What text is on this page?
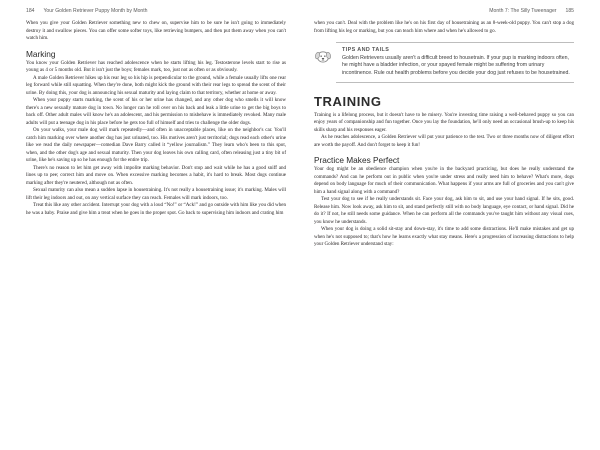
184 Your Golden Retriever Puppy Month by Month

When you give your Golden Retriever something new to chew on, supervise him to be sure he isn't going to immediately destroy it and swallow pieces. You can offer some softer toys, like retrieving bumpers, and then put them away when you can't watch him.

Marking

You know your Golden Retriever has reached adolescence when he starts lifting his leg. Testosterone levels start to rise as young as 4 or 5 months old. But it isn't just the boys; females mark, too, just not as often or as obviously.

A male Golden Retriever hikes up his rear leg so his hip is perpendicular to the ground, while a female usually lifts one rear leg forward while still squatting. When they're done, both might kick the ground with their rear legs to spread the scent of their urine. By doing this, your dog is announcing his sexual maturity and laying claim to that territory, whether at home or away.

When your puppy starts marking, the scent of his or her urine has changed, and any other dog who smells it will know there's a new sexually mature dog in town. No longer can he roll over on his back and leak a little urine to get the big boys to back off. Other adult males will know he's an adolescent, and his permission to misbehave is immediately revoked. Many male adults will put a teenage dog in his place before he gets too full of himself and tries to challenge the older dogs.

On your walks, your male dog will mark repeatedly—and often in unacceptable places, like on the neighbor's car. You'll catch him marking over where another dog has just urinated, too. His motives aren't just territorial; dogs read each other's urine like we read the daily newspaper—comedian Dave Barry called it “yellow journalism.” They learn who's been to this spot, when, and the other dog's age and sexual maturity. Then your dog leaves his own calling card, often releasing just a tiny bit of urine, like he's saving up so he has enough for the entire trip.

There's no reason to let him get away with impolite marking behavior. Don't stop and wait while he has a good sniff and lines up to pee; correct him and move on. When excessive marking becomes a habit, it's hard to break. Most dogs continue marking after they're neutered, although not as often.

Sexual maturity can also mean a sudden lapse in housetraining. It's not really a housetraining issue; it's marking. Males will lift their leg indoors and out, on any vertical surface they can reach. Females will mark indoors, too.

Treat this like any other accident. Interrupt your dog with a loud “No!” or “Ack!” and go outside with him like you did when he was a baby. Praise and give him a treat when he goes in the proper spot. Go back to supervising him indoors and crating him

Month 7: The Silly Tweenager 185

when you can't. Deal with the problem like he's on his first day of housetraining as an 8-week-old puppy. You can't stop a dog from lifting his leg or marking, but you can teach him where and when he's allowed to go.

TIPS AND TAILS
Golden Retrievers usually aren't a difficult breed to housetrain. If your pup is marking indoors often, he might have a bladder infection, or your spayed female might be suffering from urinary incontinence. Rule out health problems before you decide your dog just refuses to be housetrained.
TRAINING

Training is a lifelong process, but it doesn't have to be misery. You're investing time raising a well-behaved puppy so you can enjoy years of companionship and fun together. Once you lay the foundation, he'll only need an occasional brush-up to keep his skills sharp and his responses eager.

As he reaches adolescence, a Golden Retriever will put your patience to the test. Two or three months now of diligent effort are worth the payoff. And don't forget to keep it fun!

Practice Makes Perfect

Your dog might be an obedience champion when you're in the backyard practicing, but does he really understand the commands? And can he perform out in public when you're under stress and really need him to behave? What's more, dogs depend on body language for much of their communication. What happens if your arms are full of groceries and you can't give him a hand signal along with a command?

Test your dog to see if he really understands sit. Face your dog, ask him to sit, and use your hand signal. If he sits, good. Release him. Now look away, ask him to sit, and stand perfectly still with no body language, eye contact, or hand signal. Did he do it? If not, he still needs some guidance. When he can perform all the commands you've taught him without any visual cues, you know he understands.

When your dog is doing a solid sit-stay and down-stay, it's time to add some distractions. He'll make mistakes and get up when he's not supposed to; that's how he learns exactly what stay means. Here's a progression of increasing distractions to help your Golden Retriever understand stay:
